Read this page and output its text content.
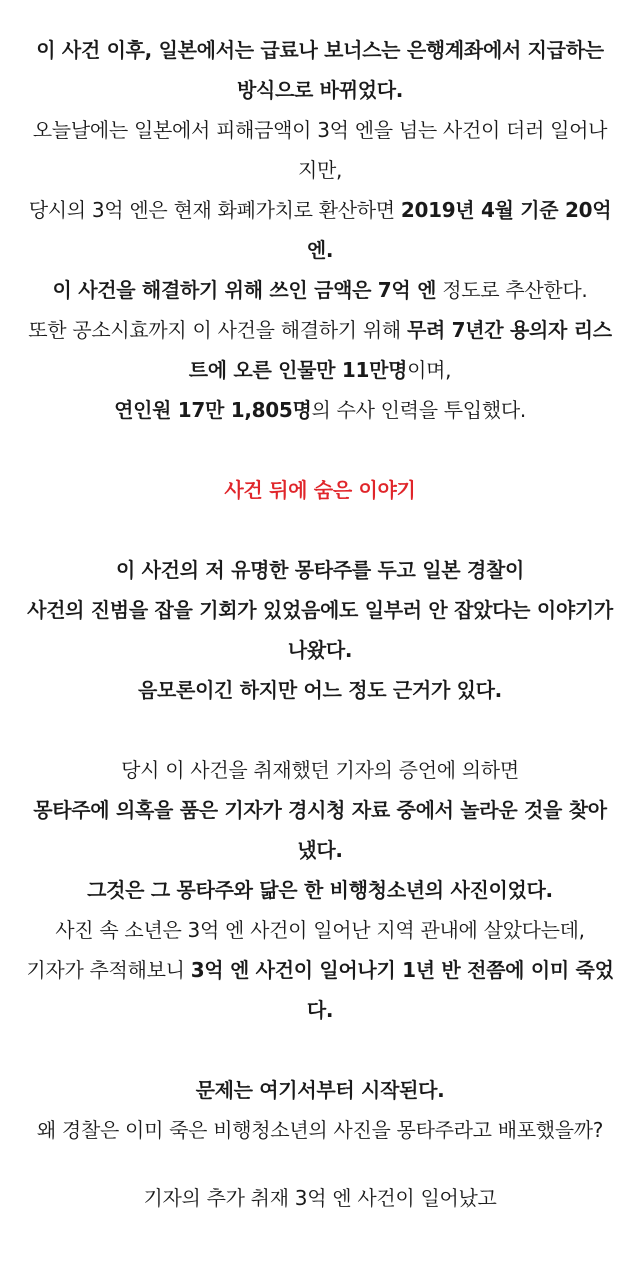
이 사건 이후, 일본에서는 급료나 보너스는 은행계좌에서 지급하는 방식으로 바뀌었다.
오늘날에는 일본에서 피해금액이 3억 엔을 넘는 사건이 더러 일어나지만,
당시의 3억 엔은 현재 화폐가치로 환산하면 2019년 4월 기준 20억엔.
이 사건을 해결하기 위해 쓰인 금액은 7억 엔 정도로 추산한다.
또한 공소시효까지 이 사건을 해결하기 위해 무려 7년간 용의자 리스트에 오른 인물만 11만명이며,
연인원 17만 1,805명의 수사 인력을 투입했다.
사건 뒤에 숨은 이야기
이 사건의 저 유명한 몽타주를 두고 일본 경찰이
사건의 진범을 잡을 기회가 있었음에도 일부러 안 잡았다는 이야기가 나왔다.
음모론이긴 하지만 어느 정도 근거가 있다.
당시 이 사건을 취재했던 기자의 증언에 의하면
몽타주에 의혹을 품은 기자가 경시청 자료 중에서 놀라운 것을 찾아냈다.
그것은 그 몽타주와 닮은 한 비행청소년의 사진이었다.
사진 속 소년은 3억 엔 사건이 일어난 지역 관내에 살았다는데,
기자가 추적해보니 3억 엔 사건이 일어나기 1년 반 전쯤에 이미 죽었다.
문제는 여기서부터 시작된다.
왜 경찰은 이미 죽은 비행청소년의 사진을 몽타주라고 배포했을까?
기자의 추가 취재 3억 엔 사건이 일어났고
